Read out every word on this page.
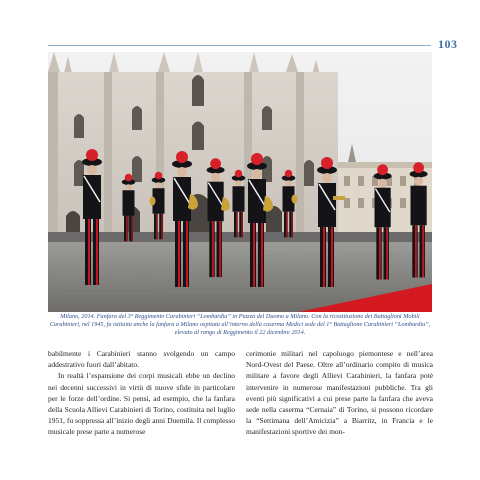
103

Milano, 2014. Fanfara del 3° Reggimento Carabinieri “Lombardia” in Piazza del Duomo a Milano. Con la ricostituzione dei Battaglioni Mobili Carabinieri, nel 1945, fu istituita anche la fanfara a Milano ospitata all’interno della caserma Medici sede del 1° Battaglione Carabinieri “Lombardia”, elevato al rango di Reggimento il 22 dicembre 2014.

babilmente i Carabinieri stanno svolgendo un campo addestrativo fuori dall’abitato.

In realtà l’espansione dei corpi musicali ebbe un declino nei decenni successivi in virtù di nuove sfide in particolare per le forze dell’ordine. Si pensi, ad esempio, che la fanfara della Scuola Allievi Carabinieri di Torino, costituita nel luglio 1951, fu soppressa all’inizio degli anni Duemila. Il complesso musicale prese parte a numerose

cerimonie militari nel capoluogo piemontese e nell’area Nord-Ovest del Paese. Oltre all’ordinario compito di musica militare a favore degli Allievi Carabinieri, la fanfara poté intervenire in numerose manifestazioni pubbliche. Tra gli eventi più significativi a cui prese parte la fanfara che aveva sede nella caserma “Cernaia” di Torino, si possono ricordare la “Settimana dell’Amicizia” a Biarritz, in Francia e le manifestazioni sportive dei mon-
